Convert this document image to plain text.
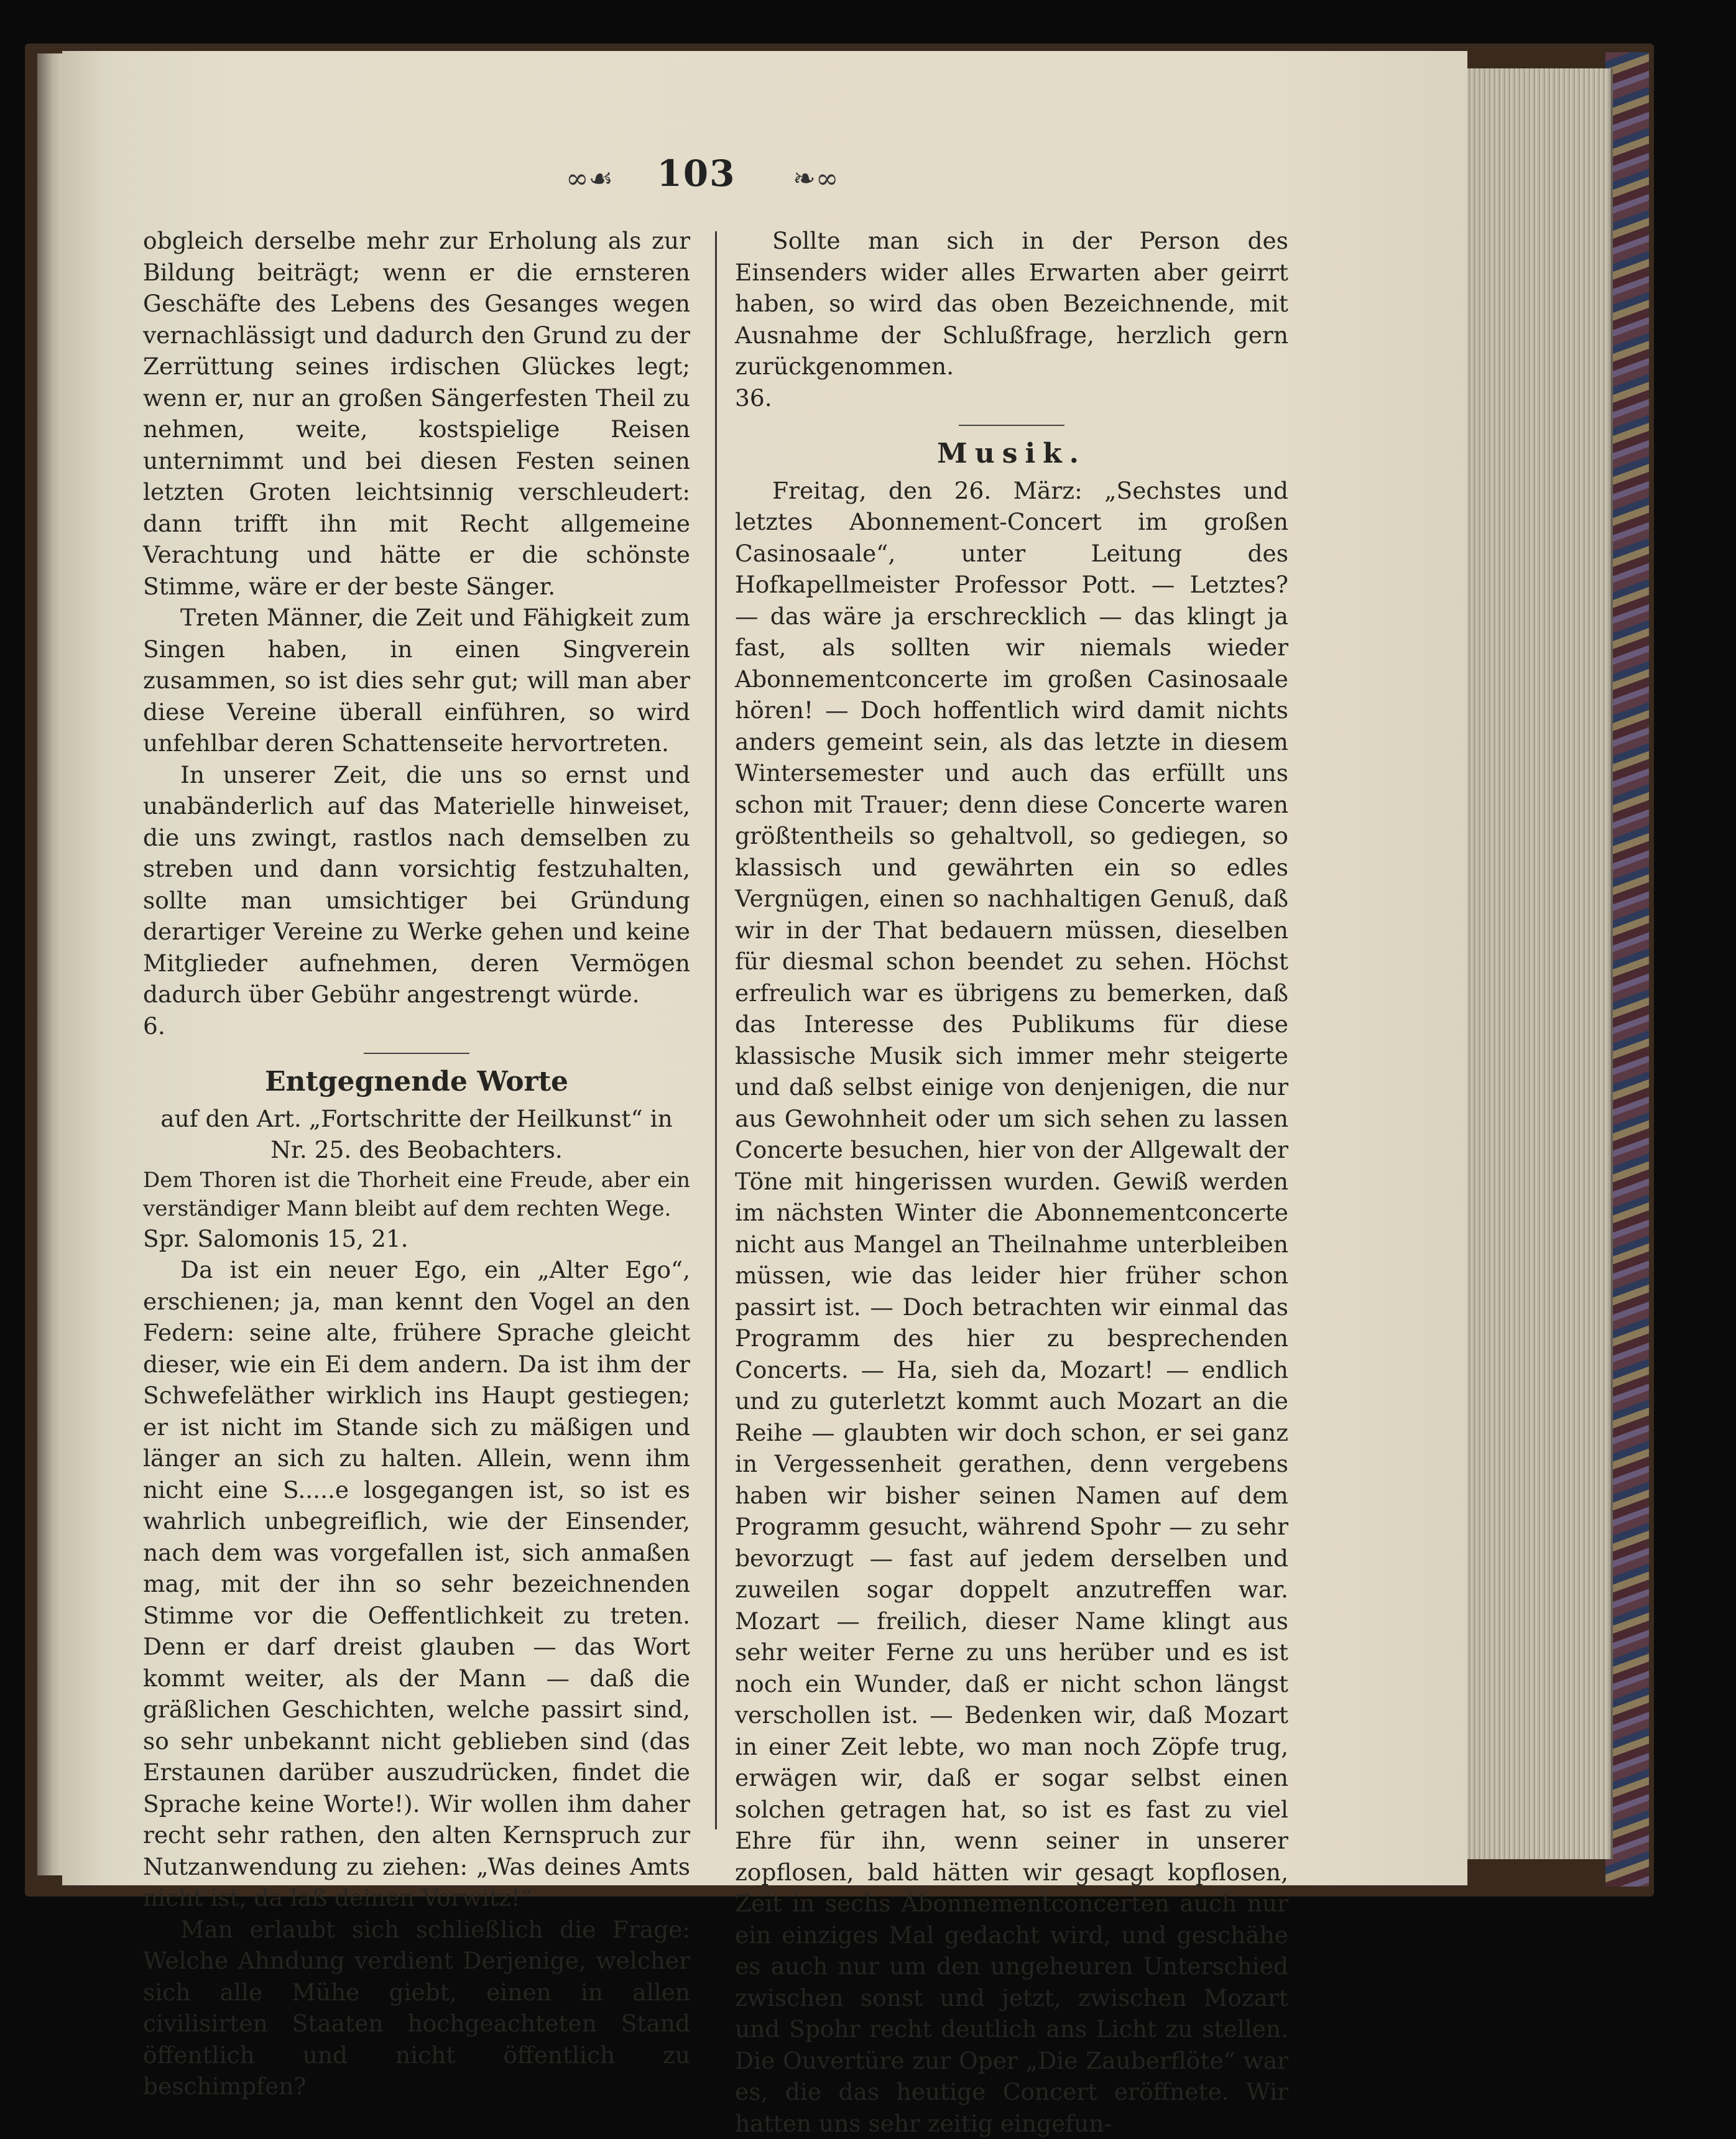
∞☙	103	❧∞

obgleich derselbe mehr zur Erholung als zur Bildung beiträgt; wenn er die ernsteren Geschäfte des Lebens des Gesanges wegen vernachlässigt und dadurch den Grund zu der Zerrüttung seines irdischen Glückes legt; wenn er, nur an großen Sängerfesten Theil zu nehmen, weite, kostspielige Reisen unternimmt und bei diesen Festen seinen letzten Groten leichtsinnig verschleudert: dann trifft ihn mit Recht allgemeine Verachtung und hätte er die schönste Stimme, wäre er der beste Sänger.

Treten Männer, die Zeit und Fähigkeit zum Singen haben, in einen Singverein zusammen, so ist dies sehr gut; will man aber diese Vereine überall einführen, so wird unfehlbar deren Schattenseite hervortreten.

In unserer Zeit, die uns so ernst und unabänderlich auf das Materielle hinweiset, die uns zwingt, rastlos nach demselben zu streben und dann vorsichtig festzuhalten, sollte man umsichtiger bei Gründung derartiger Vereine zu Werke gehen und keine Mitglieder aufnehmen, deren Vermögen dadurch über Gebühr angestrengt würde.

6.

Entgegnende Worte

auf den Art. „Fortschritte der Heilkunst“ in Nr. 25. des Beobachters.

Dem Thoren ist die Thorheit eine Freude, aber ein verständiger Mann bleibt auf dem rechten Wege.

Spr. Salomonis 15, 21.

Da ist ein neuer Ego, ein „Alter Ego“, erschienen; ja, man kennt den Vogel an den Federn: seine alte, frühere Sprache gleicht dieser, wie ein Ei dem andern. Da ist ihm der Schwefeläther wirklich ins Haupt gestiegen; er ist nicht im Stande sich zu mäßigen und länger an sich zu halten. Allein, wenn ihm nicht eine S.....e losgegangen ist, so ist es wahrlich unbegreiflich, wie der Einsender, nach dem was vorgefallen ist, sich anmaßen mag, mit der ihn so sehr bezeichnenden Stimme vor die Oeffentlichkeit zu treten. Denn er darf dreist glauben — das Wort kommt weiter, als der Mann — daß die gräßlichen Geschichten, welche passirt sind, so sehr unbekannt nicht geblieben sind (das Erstaunen darüber auszudrücken, findet die Sprache keine Worte!). Wir wollen ihm daher recht sehr rathen, den alten Kernspruch zur Nutzanwendung zu ziehen: „Was deines Amts nicht ist, da laß deinen Vorwitz!“

Man erlaubt sich schließlich die Frage: Welche Ahndung verdient Derjenige, welcher sich alle Mühe giebt, einen in allen civilisirten Staaten hochgeachteten Stand öffentlich und nicht öffentlich zu beschimpfen?

Sollte man sich in der Person des Einsenders wider alles Erwarten aber geirrt haben, so wird das oben Bezeichnende, mit Ausnahme der Schlußfrage, herzlich gern zurückgenommen.

36.

Musik.

Freitag, den 26. März: „Sechstes und letztes Abonnement-Concert im großen Casinosaale“, unter Leitung des Hofkapellmeister Professor Pott. — Letztes? — das wäre ja erschrecklich — das klingt ja fast, als sollten wir niemals wieder Abonnementconcerte im großen Casinosaale hören! — Doch hoffentlich wird damit nichts anders gemeint sein, als das letzte in diesem Wintersemester und auch das erfüllt uns schon mit Trauer; denn diese Concerte waren größtentheils so gehaltvoll, so gediegen, so klassisch und gewährten ein so edles Vergnügen, einen so nachhaltigen Genuß, daß wir in der That bedauern müssen, dieselben für diesmal schon beendet zu sehen. Höchst erfreulich war es übrigens zu bemerken, daß das Interesse des Publikums für diese klassische Musik sich immer mehr steigerte und daß selbst einige von denjenigen, die nur aus Gewohnheit oder um sich sehen zu lassen Concerte besuchen, hier von der Allgewalt der Töne mit hingerissen wurden. Gewiß werden im nächsten Winter die Abonnementconcerte nicht aus Mangel an Theilnahme unterbleiben müssen, wie das leider hier früher schon passirt ist. — Doch betrachten wir einmal das Programm des hier zu besprechenden Concerts. — Ha, sieh da, Mozart! — endlich und zu guterletzt kommt auch Mozart an die Reihe — glaubten wir doch schon, er sei ganz in Vergessenheit gerathen, denn vergebens haben wir bisher seinen Namen auf dem Programm gesucht, während Spohr — zu sehr bevorzugt — fast auf jedem derselben und zuweilen sogar doppelt anzutreffen war. Mozart — freilich, dieser Name klingt aus sehr weiter Ferne zu uns herüber und es ist noch ein Wunder, daß er nicht schon längst verschollen ist. — Bedenken wir, daß Mozart in einer Zeit lebte, wo man noch Zöpfe trug, erwägen wir, daß er sogar selbst einen solchen getragen hat, so ist es fast zu viel Ehre für ihn, wenn seiner in unserer zopflosen, bald hätten wir gesagt kopflosen, Zeit in sechs Abonnementconcerten auch nur ein einziges Mal gedacht wird, und geschähe es auch nur um den ungeheuren Unterschied zwischen sonst und jetzt, zwischen Mozart und Spohr recht deutlich ans Licht zu stellen. Die Ouvertüre zur Oper „Die Zauberflöte“ war es, die das heutige Concert eröffnete. Wir hatten uns sehr zeitig eingefun-
